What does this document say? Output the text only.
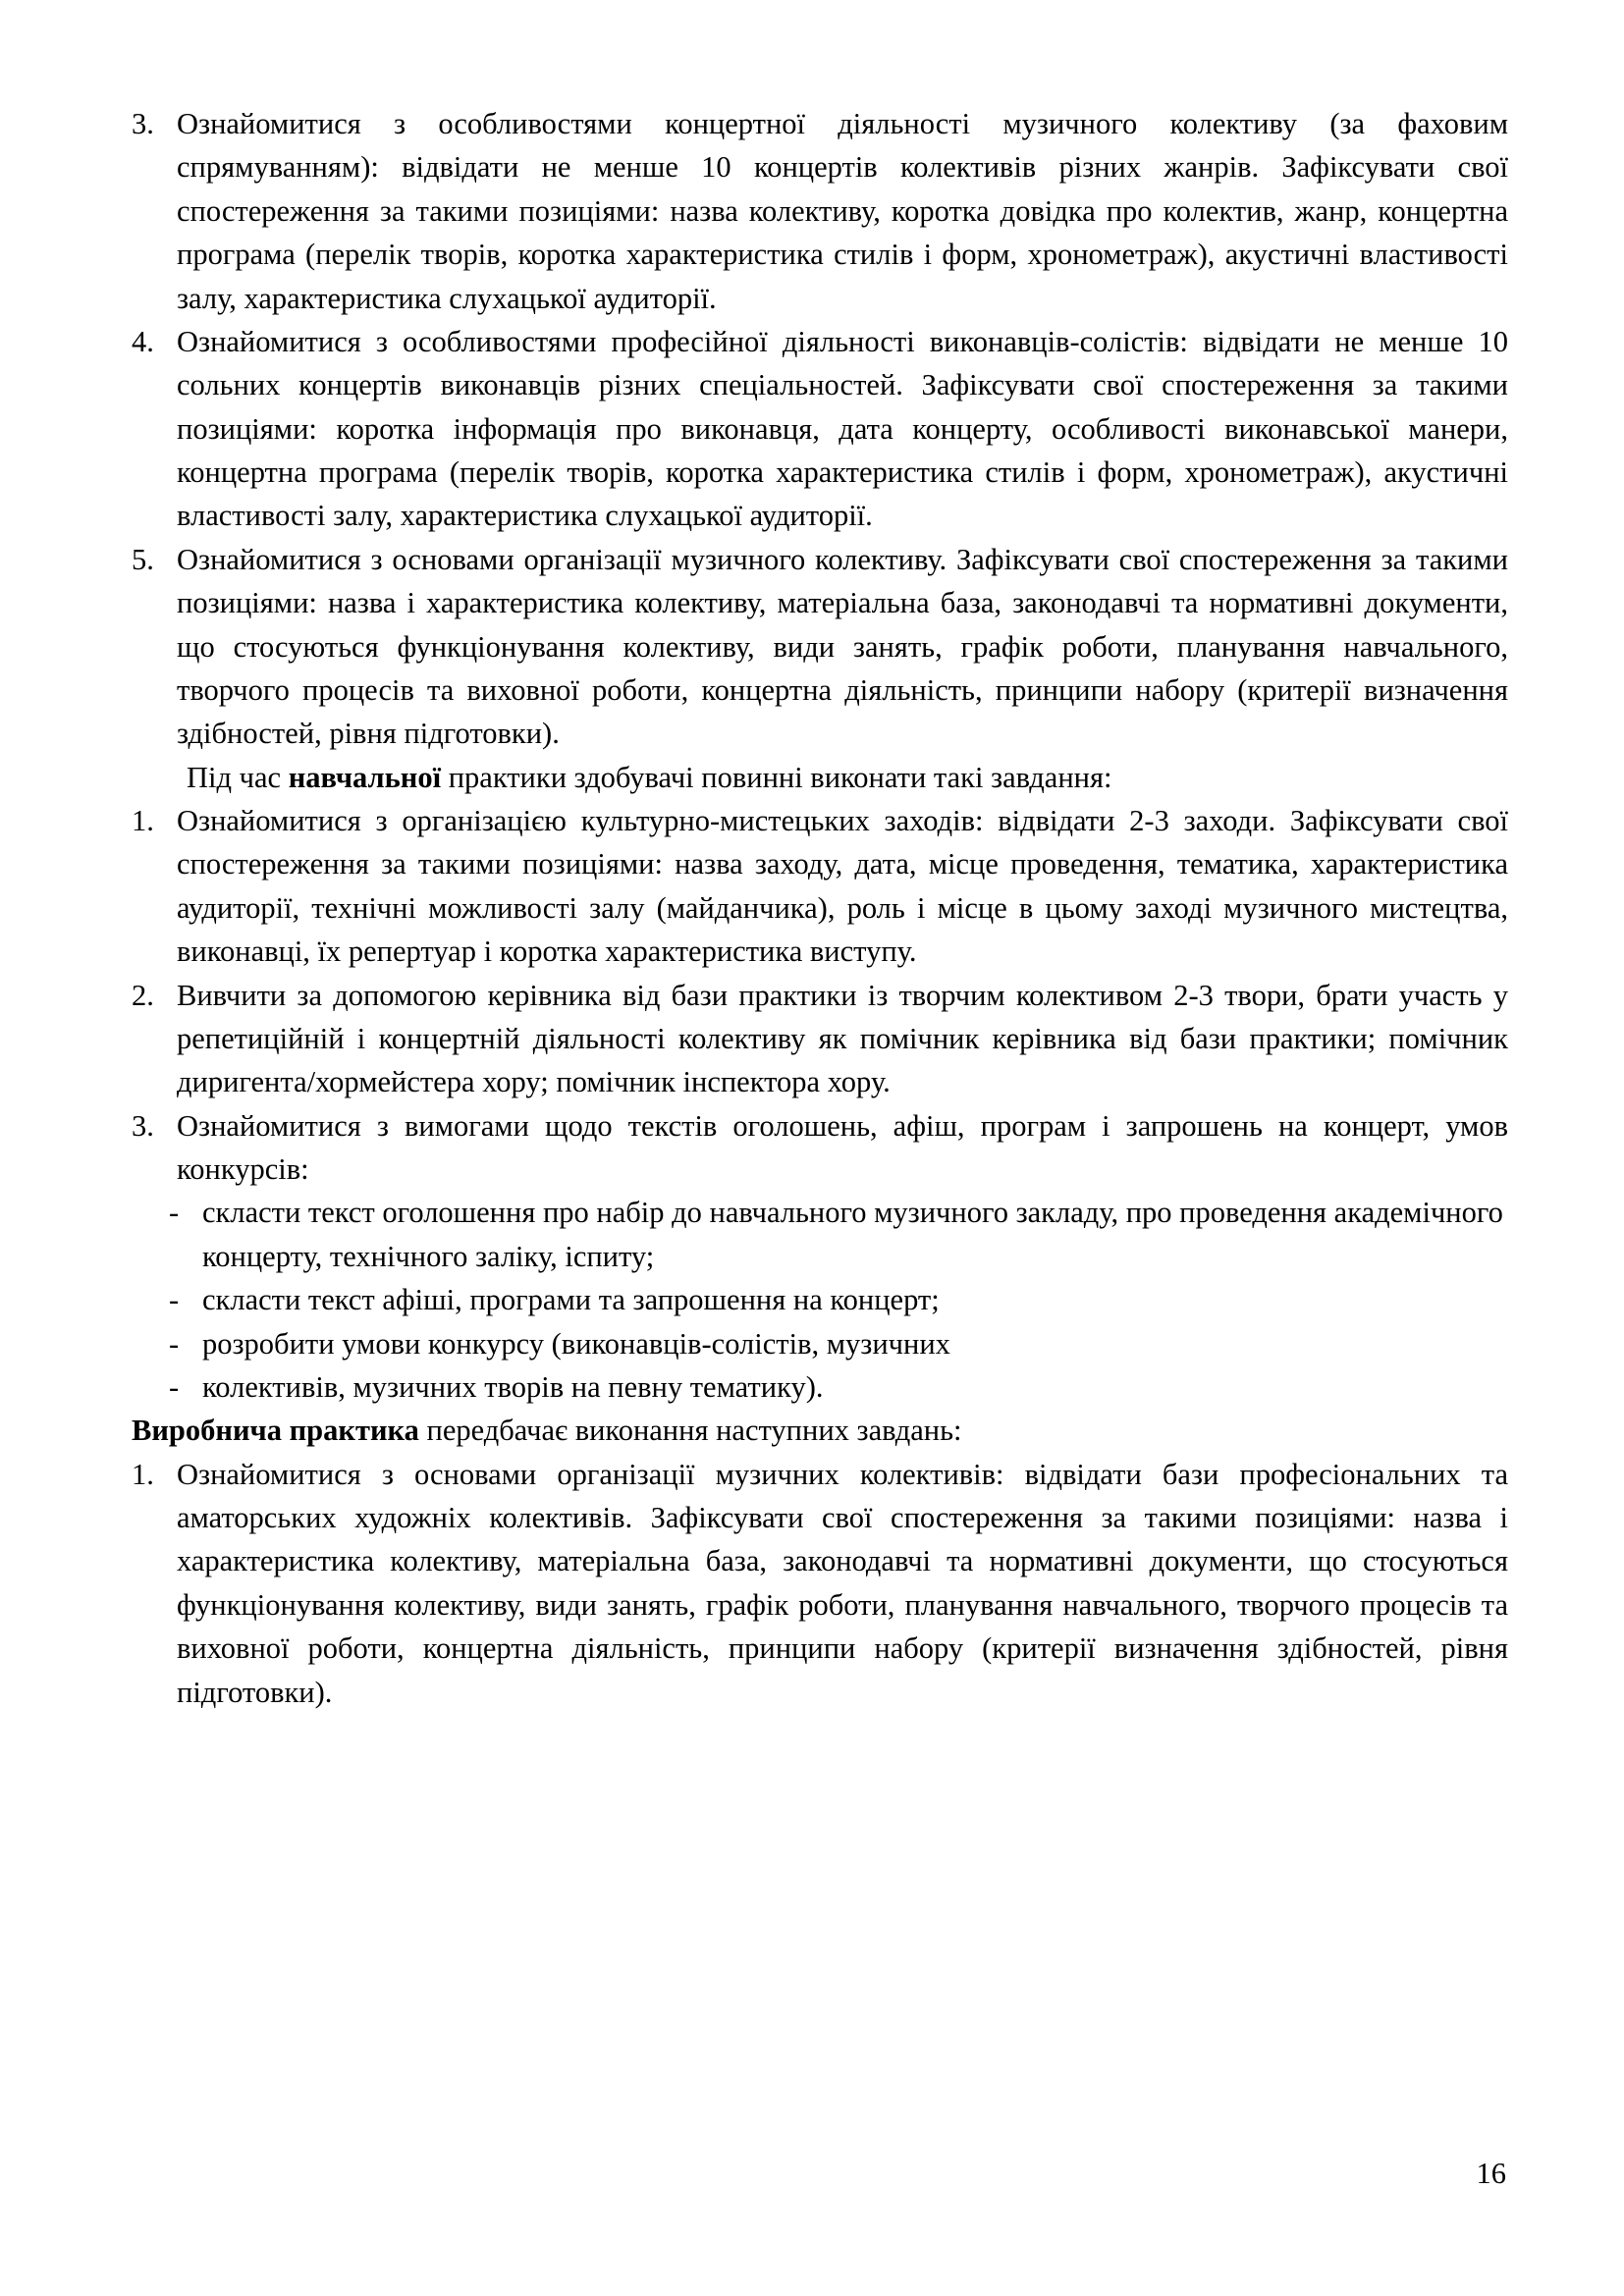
3. Ознайомитися з особливостями концертної діяльності музичного колективу (за фаховим спрямуванням): відвідати не менше 10 концертів колективів різних жанрів. Зафіксувати свої спостереження за такими позиціями: назва колективу, коротка довідка про колектив, жанр, концертна програма (перелік творів, коротка характеристика стилів і форм, хронометраж), акустичні властивості залу, характеристика слухацької аудиторії.
4. Ознайомитися з особливостями професійної діяльності виконавців-солістів: відвідати не менше 10 сольних концертів виконавців різних спеціальностей. Зафіксувати свої спостереження за такими позиціями: коротка інформація про виконавця, дата концерту, особливості виконавської манери, концертна програма (перелік творів, коротка характеристика стилів і форм, хронометраж), акустичні властивості залу, характеристика слухацької аудиторії.
5. Ознайомитися з основами організації музичного колективу. Зафіксувати свої спостереження за такими позиціями: назва і характеристика колективу, матеріальна база, законодавчі та нормативні документи, що стосуються функціонування колективу, види занять, графік роботи, планування навчального, творчого процесів та виховної роботи, концертна діяльність, принципи набору (критерії визначення здібностей, рівня підготовки).

Під час навчальної практики здобувачі повинні виконати такі завдання:

1. Ознайомитися з організацією культурно-мистецьких заходів: відвідати 2-3 заходи. Зафіксувати свої спостереження за такими позиціями: назва заходу, дата, місце проведення, тематика, характеристика аудиторії, технічні можливості залу (майданчика), роль і місце в цьому заході музичного мистецтва, виконавці, їх репертуар і коротка характеристика виступу.
2. Вивчити за допомогою керівника від бази практики із творчим колективом 2-3 твори, брати участь у репетиційній і концертній діяльності колективу як помічник керівника від бази практики; помічник диригента/хормейстера хору; помічник інспектора хору.
3. Ознайомитися з вимогами щодо текстів оголошень, афіш, програм і запрошень на концерт, умов конкурсів:
- скласти текст оголошення про набір до навчального музичного закладу, про проведення академічного концерту, технічного заліку, іспиту;
- скласти текст афіші, програми та запрошення на концерт;
- розробити умови конкурсу (виконавців-солістів, музичних
- колективів, музичних творів на певну тематику).

Виробнича практика передбачає виконання наступних завдань:

1. Ознайомитися з основами організації музичних колективів: відвідати бази професіональних та аматорських художніх колективів. Зафіксувати свої спостереження за такими позиціями: назва і характеристика колективу, матеріальна база, законодавчі та нормативні документи, що стосуються функціонування колективу, види занять, графік роботи, планування навчального, творчого процесів та виховної роботи, концертна діяльність, принципи набору (критерії визначення здібностей, рівня підготовки).
16
